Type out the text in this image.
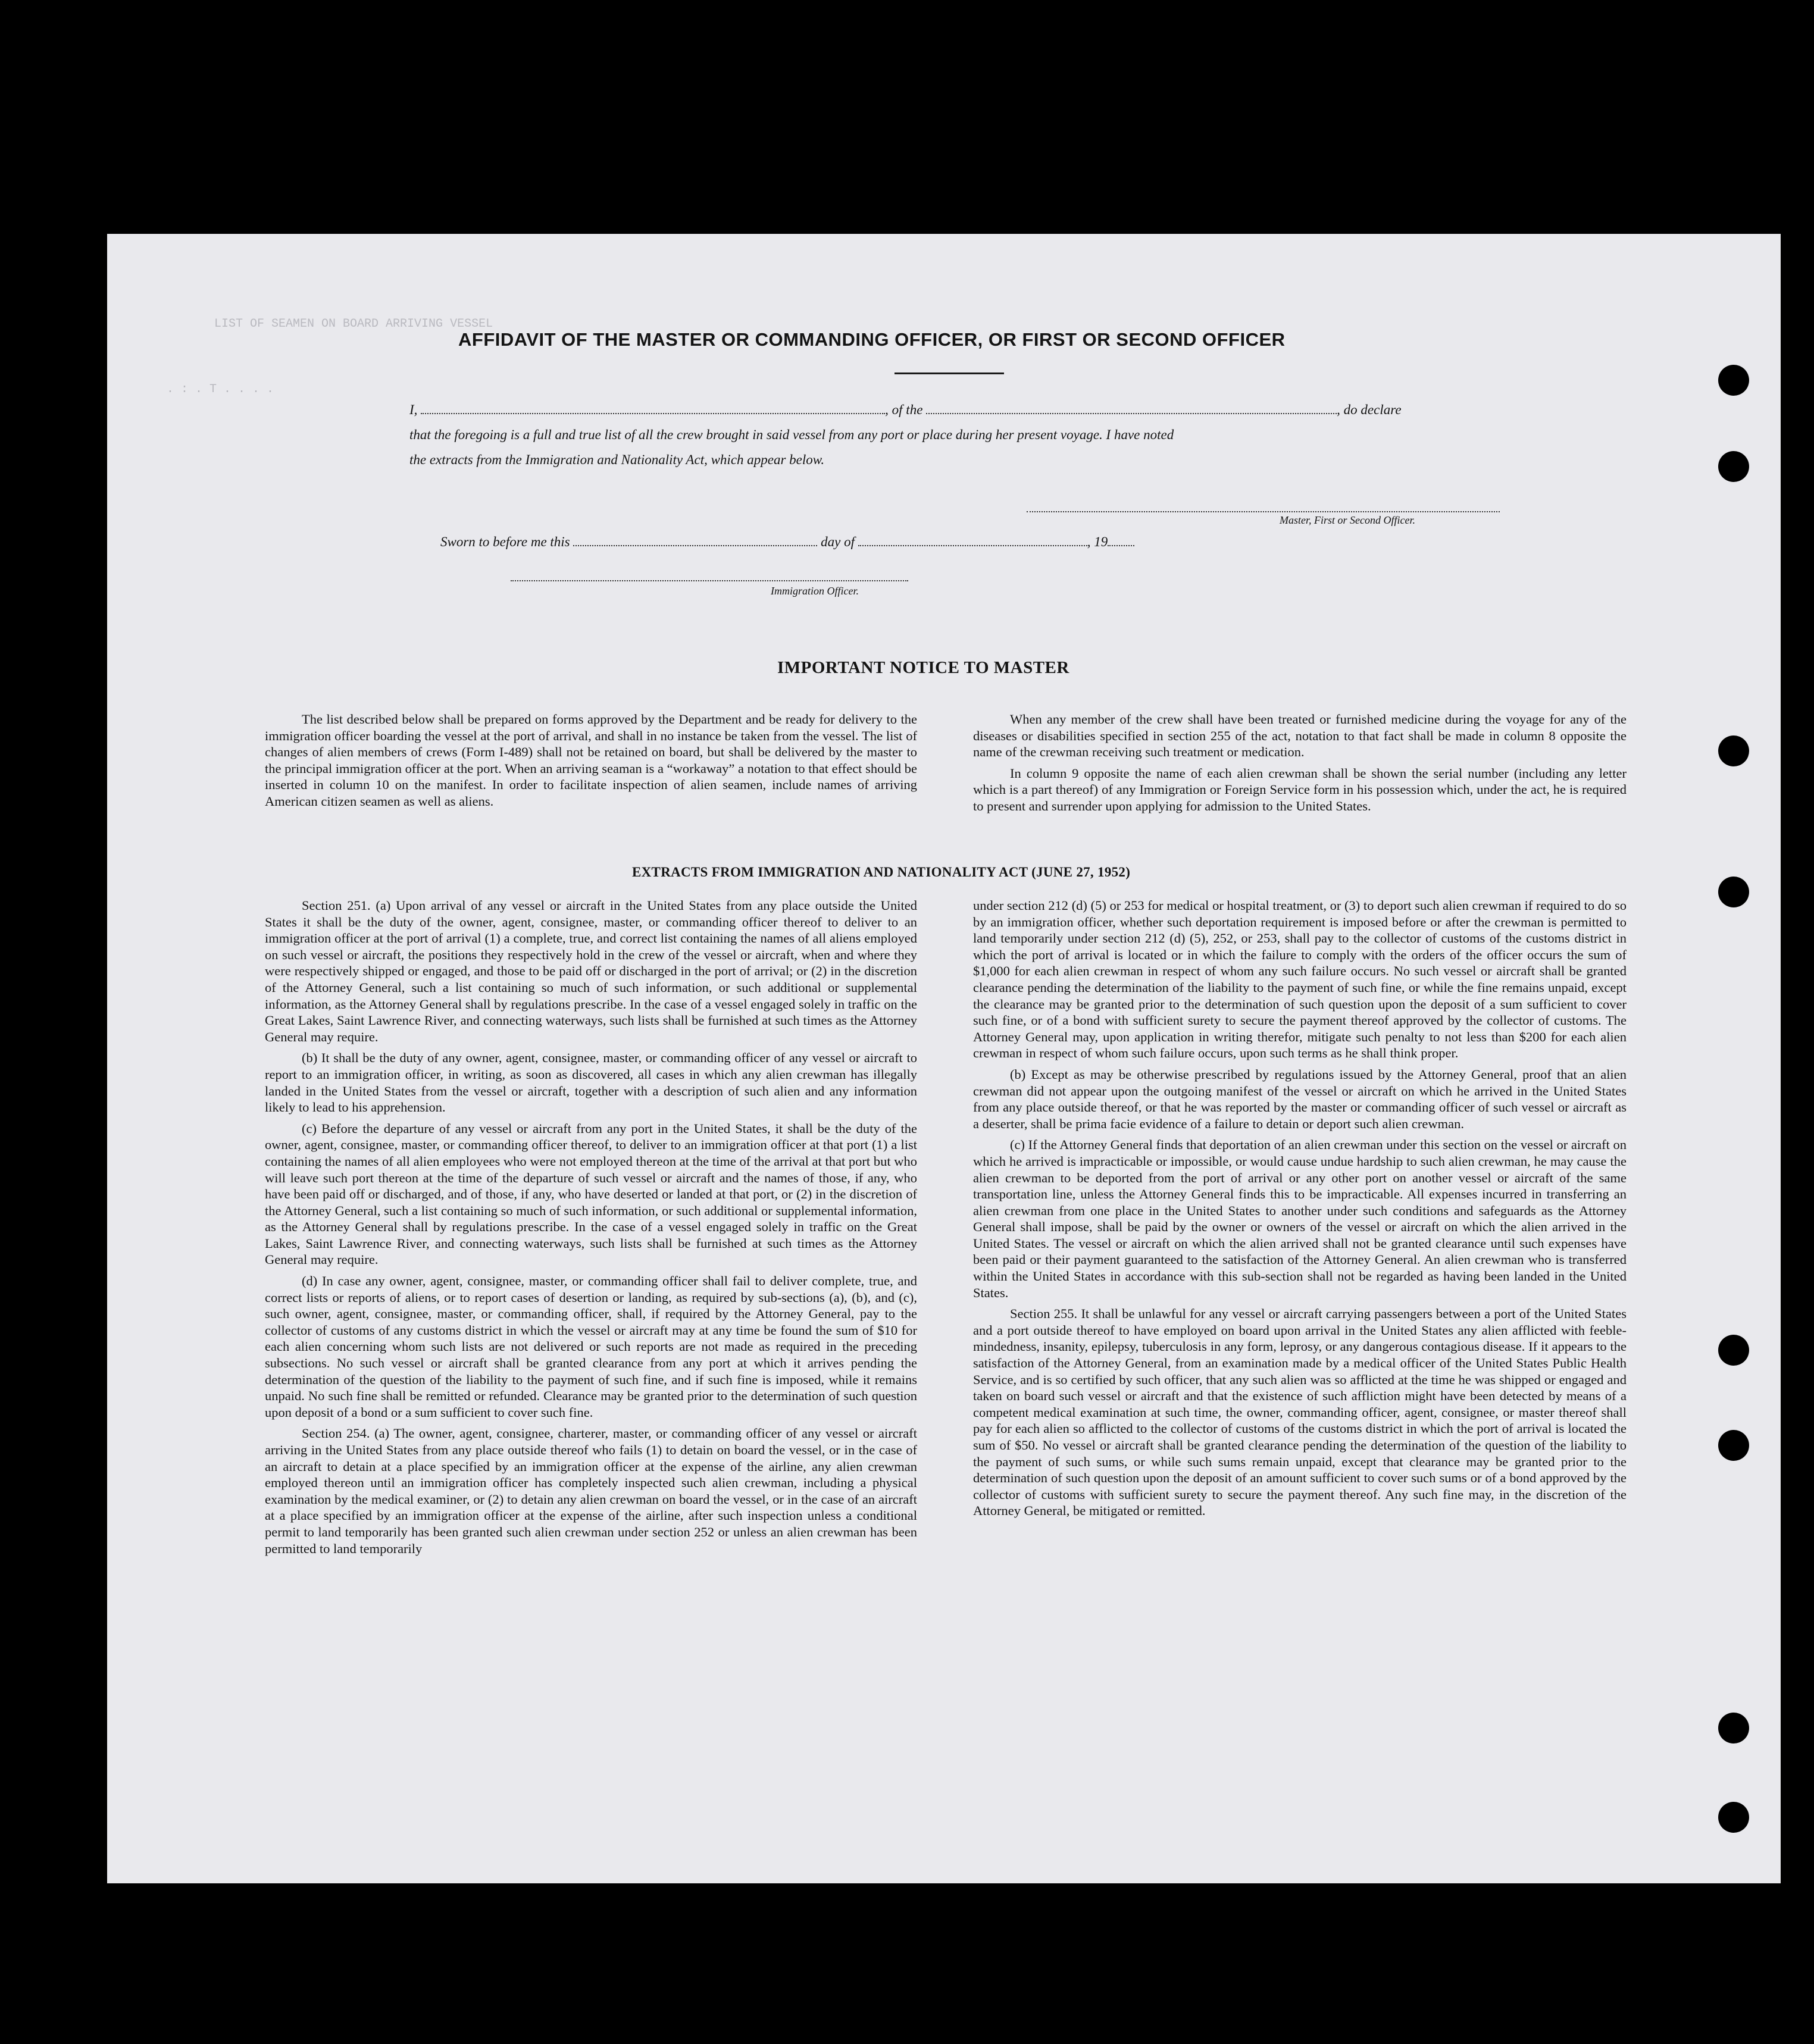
LIST OF SEAMEN ON BOARD ARRIVING VESSEL
. : . T . . . .
AFFIDAVIT OF THE MASTER OR COMMANDING OFFICER, OR FIRST OR SECOND OFFICER
I,	, of the	, do declare
that the foregoing is a full and true list of all the crew brought in said vessel from any port or place during her present voyage. I have noted
the extracts from the Immigration and Nationality Act, which appear below.
Master, First or Second Officer.
Sworn to before me this	day of	, 19
Immigration Officer.
IMPORTANT NOTICE TO MASTER

The list described below shall be prepared on forms approved by the Department and be ready for delivery to the immigration officer boarding the vessel at the port of arrival, and shall in no instance be taken from the vessel. The list of changes of alien members of crews (Form I-489) shall not be retained on board, but shall be delivered by the master to the principal immigration officer at the port. When an arriving seaman is a “workaway” a notation to that effect should be inserted in column 10 on the manifest. In order to facilitate inspection of alien seamen, include names of arriving American citizen seamen as well as aliens.

When any member of the crew shall have been treated or furnished medicine during the voyage for any of the diseases or disabilities specified in section 255 of the act, notation to that fact shall be made in column 8 opposite the name of the crewman receiving such treatment or medication.

In column 9 opposite the name of each alien crewman shall be shown the serial number (including any letter which is a part thereof) of any Immigration or Foreign Service form in his possession which, under the act, he is required to present and surrender upon applying for admission to the United States.

EXTRACTS FROM IMMIGRATION AND NATIONALITY ACT (JUNE 27, 1952)

Section 251. (a) Upon arrival of any vessel or aircraft in the United States from any place outside the United States it shall be the duty of the owner, agent, consignee, master, or commanding officer thereof to deliver to an immigration officer at the port of arrival (1) a complete, true, and correct list containing the names of all aliens employed on such vessel or aircraft, the positions they respectively hold in the crew of the vessel or aircraft, when and where they were respectively shipped or engaged, and those to be paid off or discharged in the port of arrival; or (2) in the discretion of the Attorney General, such a list containing so much of such information, or such additional or supplemental information, as the Attorney General shall by regulations prescribe. In the case of a vessel engaged solely in traffic on the Great Lakes, Saint Lawrence River, and connecting waterways, such lists shall be furnished at such times as the Attorney General may require.

(b) It shall be the duty of any owner, agent, consignee, master, or commanding officer of any vessel or aircraft to report to an immigration officer, in writing, as soon as discovered, all cases in which any alien crewman has illegally landed in the United States from the vessel or aircraft, together with a description of such alien and any information likely to lead to his apprehension.

(c) Before the departure of any vessel or aircraft from any port in the United States, it shall be the duty of the owner, agent, consignee, master, or commanding officer thereof, to deliver to an immigration officer at that port (1) a list containing the names of all alien employees who were not employed thereon at the time of the arrival at that port but who will leave such port thereon at the time of the departure of such vessel or aircraft and the names of those, if any, who have been paid off or discharged, and of those, if any, who have deserted or landed at that port, or (2) in the discretion of the Attorney General, such a list containing so much of such information, or such additional or supplemental information, as the Attorney General shall by regulations prescribe. In the case of a vessel engaged solely in traffic on the Great Lakes, Saint Lawrence River, and connecting waterways, such lists shall be furnished at such times as the Attorney General may require.

(d) In case any owner, agent, consignee, master, or commanding officer shall fail to deliver complete, true, and correct lists or reports of aliens, or to report cases of desertion or landing, as required by sub-sections (a), (b), and (c), such owner, agent, consignee, master, or commanding officer, shall, if required by the Attorney General, pay to the collector of customs of any customs district in which the vessel or aircraft may at any time be found the sum of $10 for each alien concerning whom such lists are not delivered or such reports are not made as required in the preceding subsections. No such vessel or aircraft shall be granted clearance from any port at which it arrives pending the determination of the question of the liability to the payment of such fine, and if such fine is imposed, while it remains unpaid. No such fine shall be remitted or refunded. Clearance may be granted prior to the determination of such question upon deposit of a bond or a sum sufficient to cover such fine.

Section 254. (a) The owner, agent, consignee, charterer, master, or commanding officer of any vessel or aircraft arriving in the United States from any place outside thereof who fails (1) to detain on board the vessel, or in the case of an aircraft to detain at a place specified by an immigration officer at the expense of the airline, any alien crewman employed thereon until an immigration officer has completely inspected such alien crewman, including a physical examination by the medical examiner, or (2) to detain any alien crewman on board the vessel, or in the case of an aircraft at a place specified by an immigration officer at the expense of the airline, after such inspection unless a conditional permit to land temporarily has been granted such alien crewman under section 252 or unless an alien crewman has been permitted to land temporarily

under section 212 (d) (5) or 253 for medical or hospital treatment, or (3) to deport such alien crewman if required to do so by an immigration officer, whether such deportation requirement is imposed before or after the crewman is permitted to land temporarily under section 212 (d) (5), 252, or 253, shall pay to the collector of customs of the customs district in which the port of arrival is located or in which the failure to comply with the orders of the officer occurs the sum of $1,000 for each alien crewman in respect of whom any such failure occurs. No such vessel or aircraft shall be granted clearance pending the determination of the liability to the payment of such fine, or while the fine remains unpaid, except the clearance may be granted prior to the determination of such question upon the deposit of a sum sufficient to cover such fine, or of a bond with sufficient surety to secure the payment thereof approved by the collector of customs. The Attorney General may, upon application in writing therefor, mitigate such penalty to not less than $200 for each alien crewman in respect of whom such failure occurs, upon such terms as he shall think proper.

(b) Except as may be otherwise prescribed by regulations issued by the Attorney General, proof that an alien crewman did not appear upon the outgoing manifest of the vessel or aircraft on which he arrived in the United States from any place outside thereof, or that he was reported by the master or commanding officer of such vessel or aircraft as a deserter, shall be prima facie evidence of a failure to detain or deport such alien crewman.

(c) If the Attorney General finds that deportation of an alien crewman under this section on the vessel or aircraft on which he arrived is impracticable or impossible, or would cause undue hardship to such alien crewman, he may cause the alien crewman to be deported from the port of arrival or any other port on another vessel or aircraft of the same transportation line, unless the Attorney General finds this to be impracticable. All expenses incurred in transferring an alien crewman from one place in the United States to another under such conditions and safeguards as the Attorney General shall impose, shall be paid by the owner or owners of the vessel or aircraft on which the alien arrived in the United States. The vessel or aircraft on which the alien arrived shall not be granted clearance until such expenses have been paid or their payment guaranteed to the satisfaction of the Attorney General. An alien crewman who is transferred within the United States in accordance with this sub-section shall not be regarded as having been landed in the United States.

Section 255. It shall be unlawful for any vessel or aircraft carrying passengers between a port of the United States and a port outside thereof to have employed on board upon arrival in the United States any alien afflicted with feeble-mindedness, insanity, epilepsy, tuberculosis in any form, leprosy, or any dangerous contagious disease. If it appears to the satisfaction of the Attorney General, from an examination made by a medical officer of the United States Public Health Service, and is so certified by such officer, that any such alien was so afflicted at the time he was shipped or engaged and taken on board such vessel or aircraft and that the existence of such affliction might have been detected by means of a competent medical examination at such time, the owner, commanding officer, agent, consignee, or master thereof shall pay for each alien so afflicted to the collector of customs of the customs district in which the port of arrival is located the sum of $50. No vessel or aircraft shall be granted clearance pending the determination of the question of the liability to the payment of such sums, or while such sums remain unpaid, except that clearance may be granted prior to the determination of such question upon the deposit of an amount sufficient to cover such sums or of a bond approved by the collector of customs with sufficient surety to secure the payment thereof. Any such fine may, in the discretion of the Attorney General, be mitigated or remitted.
